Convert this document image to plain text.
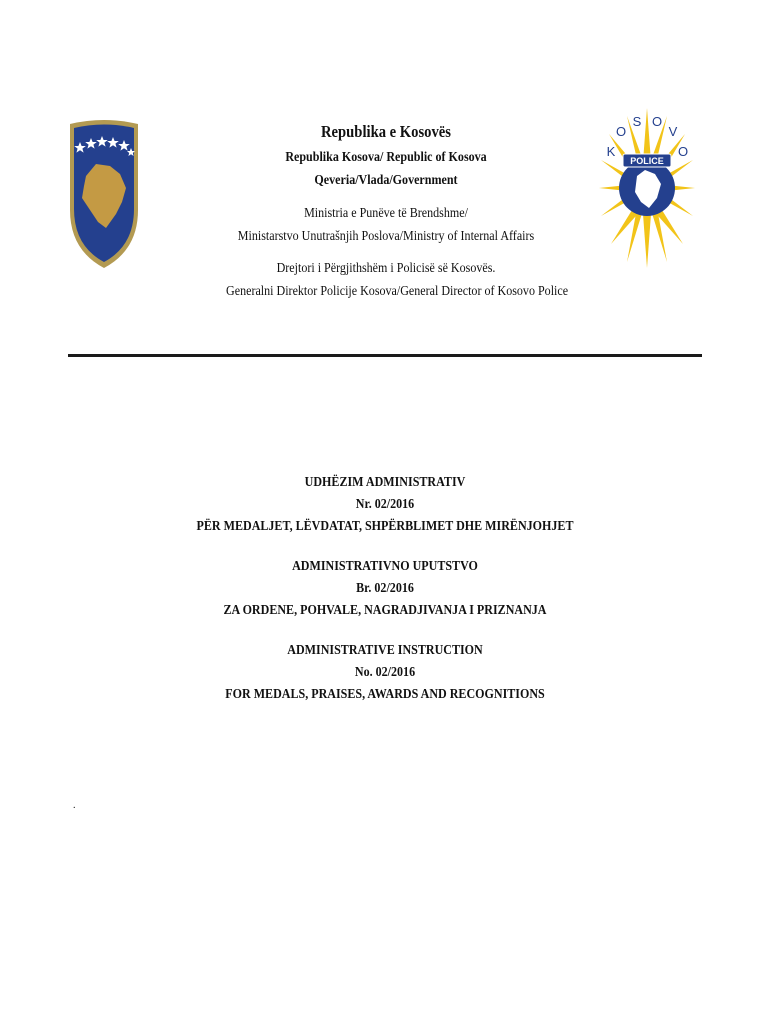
Republika e Kosovës
Republika Kosova/ Republic of Kosova
Qeveria/Vlada/Government
Ministria e Punëve të Brendshme/
Ministarstvo Unutrašnjih Poslova/Ministry of Internal Affairs
Drejtori i Përgjithshëm i Policisë së Kosovës.
Generalni Direktor Policije Kosova/General Director of Kosovo Police
POLICE
K
O
S O
V
O
UDHËZIM ADMINISTRATIV
Nr. 02/2016
PËR MEDALJET, LËVDATAT, SHPËRBLIMET DHE MIRËNJOHJET
ADMINISTRATIVNO UPUTSTVO
Br. 02/2016
ZA ORDENE, POHVALE, NAGRADJIVANJA I PRIZNANJA
ADMINISTRATIVE INSTRUCTION
No. 02/2016
FOR MEDALS, PRAISES, AWARDS AND RECOGNITIONS
.
